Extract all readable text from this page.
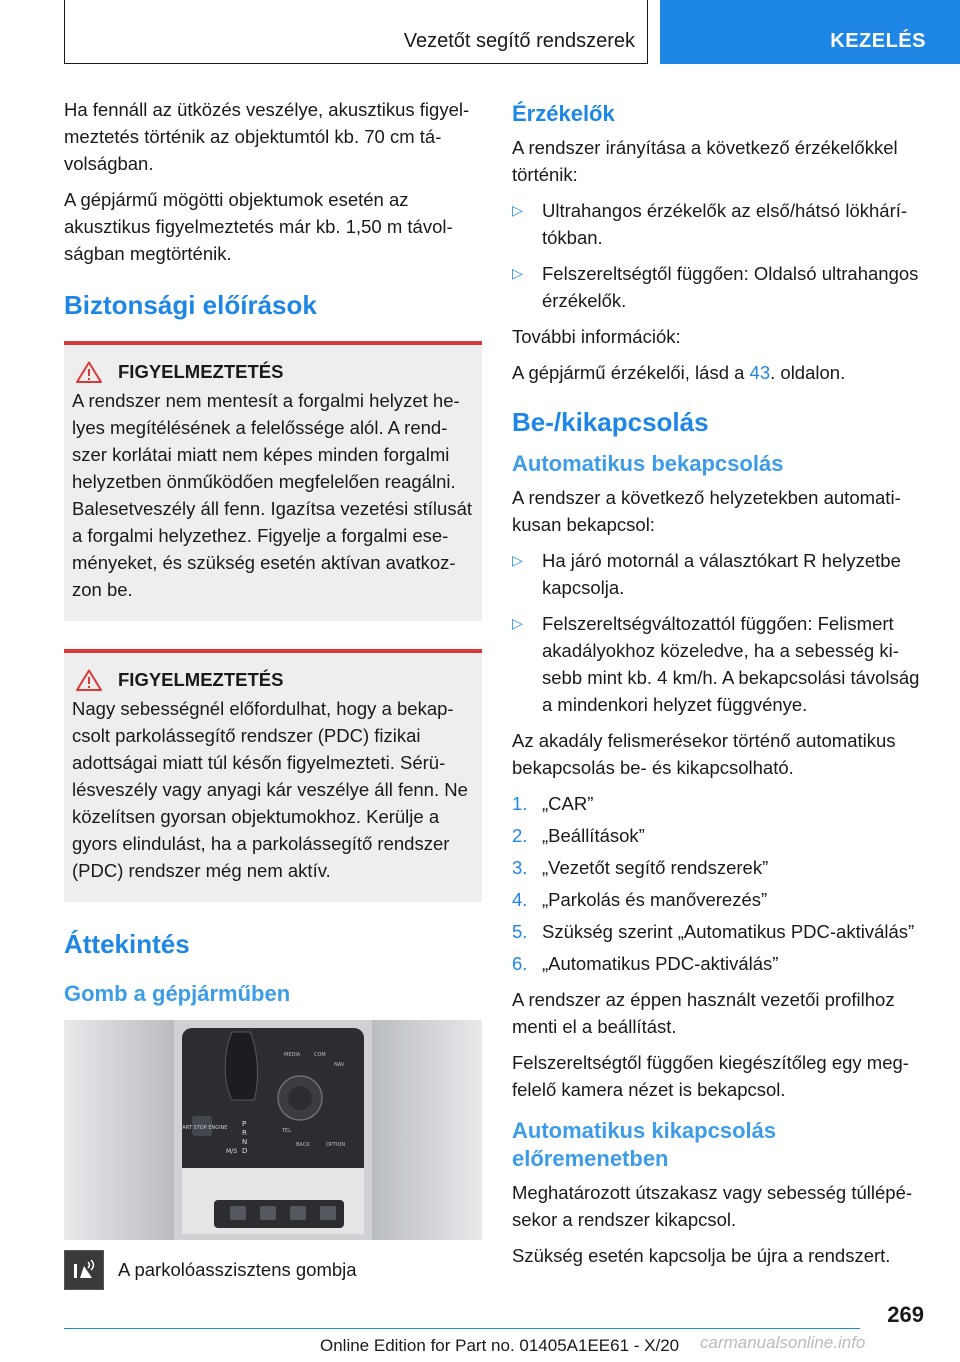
Vezetőt segítő rendszerek	KEZELÉS

Ha fennáll az ütközés veszélye, akusztikus figyelmeztetés történik az objektumtól kb. 70 cm távolságban.

A gépjármű mögötti objektumok esetén az akusztikus figyelmeztetés már kb. 1,50 m távolságban megtörténik.

Biztonsági előírások
FIGYELMEZTETÉS

A rendszer nem mentesít a forgalmi helyzet helyes megítélésének a felelőssége alól. A rendszer korlátai miatt nem képes minden forgalmi helyzetben önműködően megfelelően reagálni. Balesetveszély áll fenn. Igazítsa vezetési stílusát a forgalmi helyzethez. Figyelje a forgalmi eseményeket, és szükség esetén aktívan avatkozzon be.

FIGYELMEZTETÉS

Nagy sebességnél előfordulhat, hogy a bekapcsolt parkolássegítő rendszer (PDC) fizikai adottságai miatt túl későn figyelmezteti. Sérülésveszély vagy anyagi kár veszélye áll fenn. Ne közelítsen gyorsan objektumokhoz. Kerülje a gyors elindulást, ha a parkolássegítő rendszer (PDC) rendszer még nem aktív.

Áttekintés
Gomb a gépjárműben
START STOP ENGINE
MEDIA	COM
NAV
TEL
BACK	OPTION
P
R
N
D
M/S

A parkolóasszisztens gombja

Érzékelők

A rendszer irányítása a következő érzékelőkkel történik:

▷ Ultrahangos érzékelők az első/hátsó lökhárítókban.
▷ Felszereltségtől függően: Oldalsó ultrahangos érzékelők.

További információk:

A gépjármű érzékelői, lásd a 43. oldalon.

Be-/kikapcsolás
Automatikus bekapcsolás

A rendszer a következő helyzetekben automatikusan bekapcsol:

▷ Ha járó motornál a választókart R helyzetbe kapcsolja.
▷ Felszereltségváltozattól függően: Felismert akadályokhoz közeledve, ha a sebesség kisebb mint kb. 4 km/h. A bekapcsolási távolság a mindenkori helyzet függvénye.

Az akadály felismerésekor történő automatikus bekapcsolás be- és kikapcsolható.

1. „CAR”
2. „Beállítások”
3. „Vezetőt segítő rendszerek”
4. „Parkolás és manőverezés”
5. Szükség szerint „Automatikus PDC-aktiválás”
6. „Automatikus PDC-aktiválás”

A rendszer az éppen használt vezetői profilhoz menti el a beállítást.

Felszereltségtől függően kiegészítőleg egy megfelelő kamera nézet is bekapcsol.

Automatikus kikapcsolás előremenetben

Meghatározott útszakasz vagy sebesség túllépésekor a rendszer kikapcsol.

Szükség esetén kapcsolja be újra a rendszert.

269
Online Edition for Part no. 01405A1EE61 - X/20 carmanualsonline.info
